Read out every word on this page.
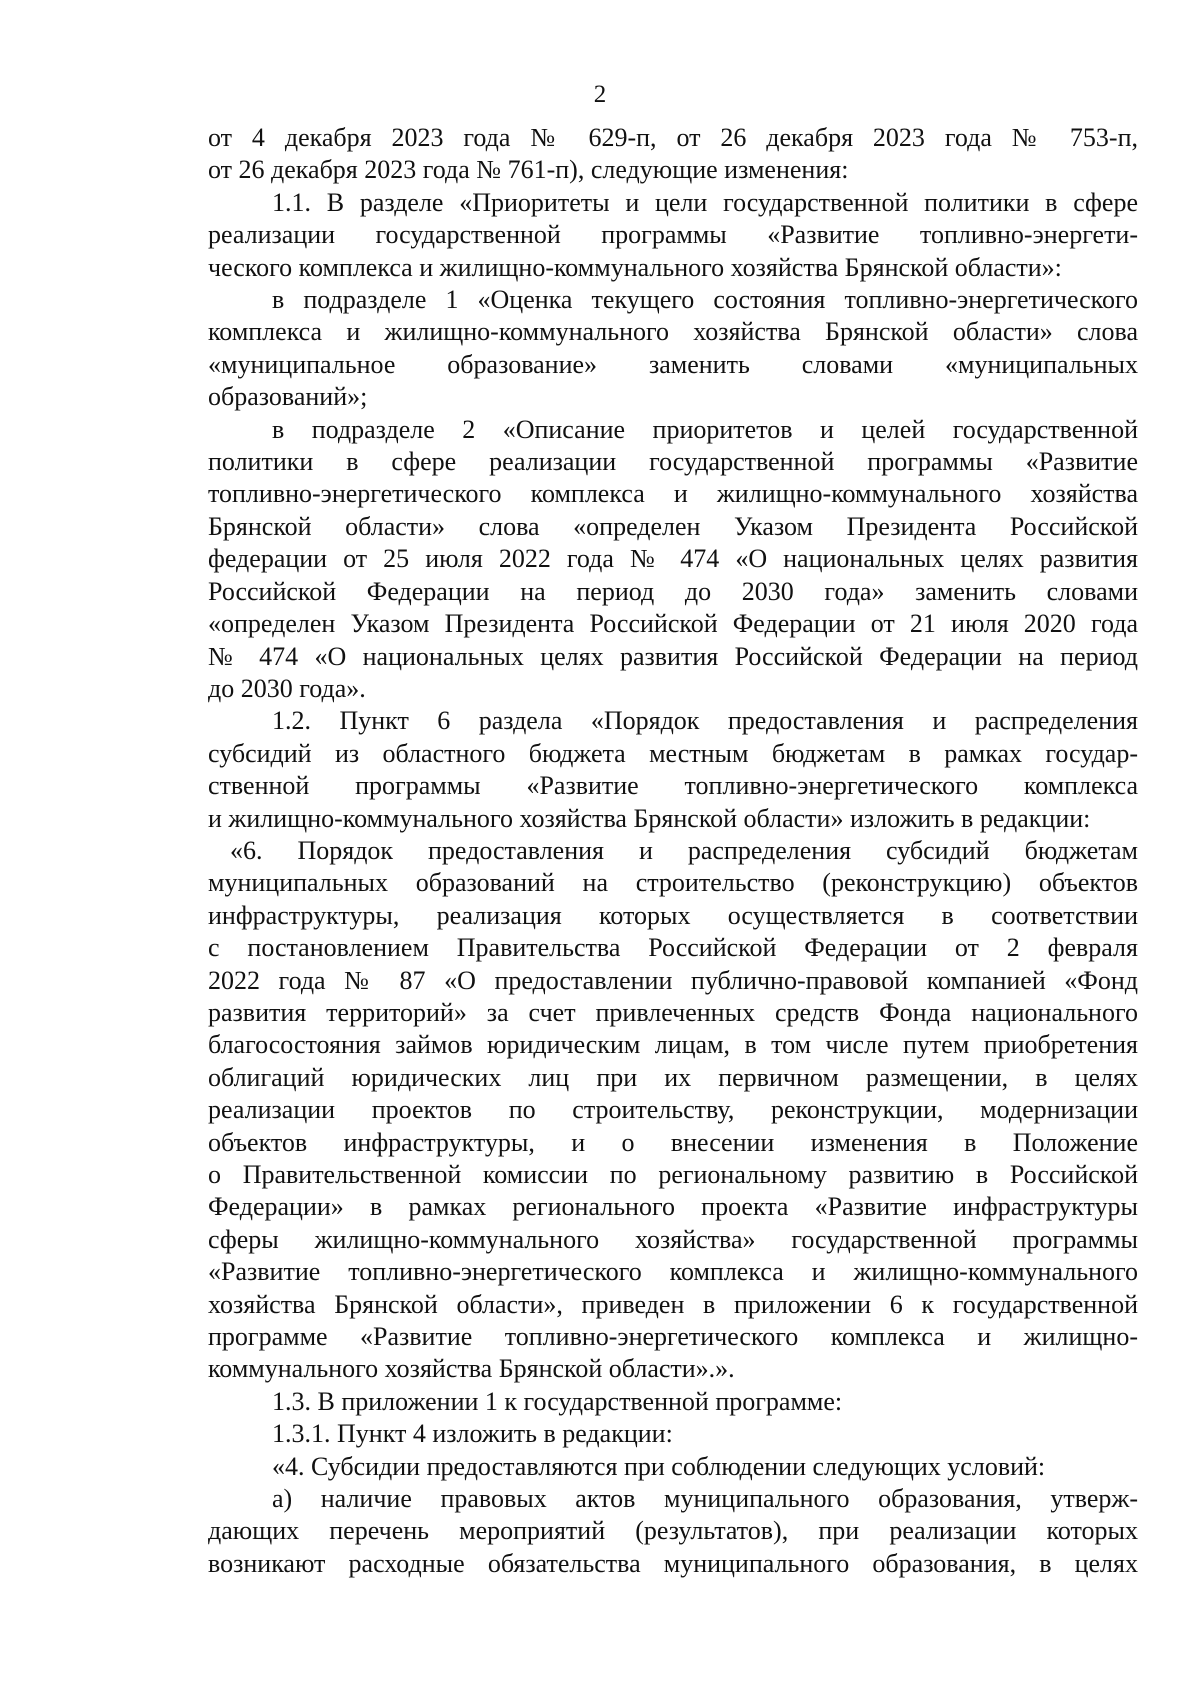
2
от 4 декабря 2023 года № 629-п, от 26 декабря 2023 года № 753-п,
от 26 декабря 2023 года № 761-п), следующие изменения:
1.1. В разделе «Приоритеты и цели государственной политики в сфере
реализации государственной программы «Развитие топливно-энергети-
ческого комплекса и жилищно-коммунального хозяйства Брянской области»:
в подразделе 1 «Оценка текущего состояния топливно-энергетического
комплекса и жилищно-коммунального хозяйства Брянской области» слова
«муниципальное образование» заменить словами «муниципальных
образований»;
в подразделе 2 «Описание приоритетов и целей государственной
политики в сфере реализации государственной программы «Развитие
топливно-энергетического комплекса и жилищно-коммунального хозяйства
Брянской области» слова «определен Указом Президента Российской
федерации от 25 июля 2022 года № 474 «О национальных целях развития
Российской Федерации на период до 2030 года» заменить словами
«определен Указом Президента Российской Федерации от 21 июля 2020 года
№ 474 «О национальных целях развития Российской Федерации на период
до 2030 года».
1.2. Пункт 6 раздела «Порядок предоставления и распределения
субсидий из областного бюджета местным бюджетам в рамках государ-
ственной программы «Развитие топливно-энергетического комплекса
и жилищно-коммунального хозяйства Брянской области» изложить в редакции:
«6. Порядок предоставления и распределения субсидий бюджетам
муниципальных образований на строительство (реконструкцию) объектов
инфраструктуры, реализация которых осуществляется в соответствии
с постановлением Правительства Российской Федерации от 2 февраля
2022 года № 87 «О предоставлении публично-правовой компанией «Фонд
развития территорий» за счет привлеченных средств Фонда национального
благосостояния займов юридическим лицам, в том числе путем приобретения
облигаций юридических лиц при их первичном размещении, в целях
реализации проектов по строительству, реконструкции, модернизации
объектов инфраструктуры, и о внесении изменения в Положение
о Правительственной комиссии по региональному развитию в Российской
Федерации» в рамках регионального проекта «Развитие инфраструктуры
сферы жилищно-коммунального хозяйства» государственной программы
«Развитие топливно-энергетического комплекса и жилищно-коммунального
хозяйства Брянской области», приведен в приложении 6 к государственной
программе «Развитие топливно-энергетического комплекса и жилищно-
коммунального хозяйства Брянской области».».
1.3. В приложении 1 к государственной программе:
1.3.1. Пункт 4 изложить в редакции:
«4. Субсидии предоставляются при соблюдении следующих условий:
а) наличие правовых актов муниципального образования, утверж-
дающих перечень мероприятий (результатов), при реализации которых
возникают расходные обязательства муниципального образования, в целях
